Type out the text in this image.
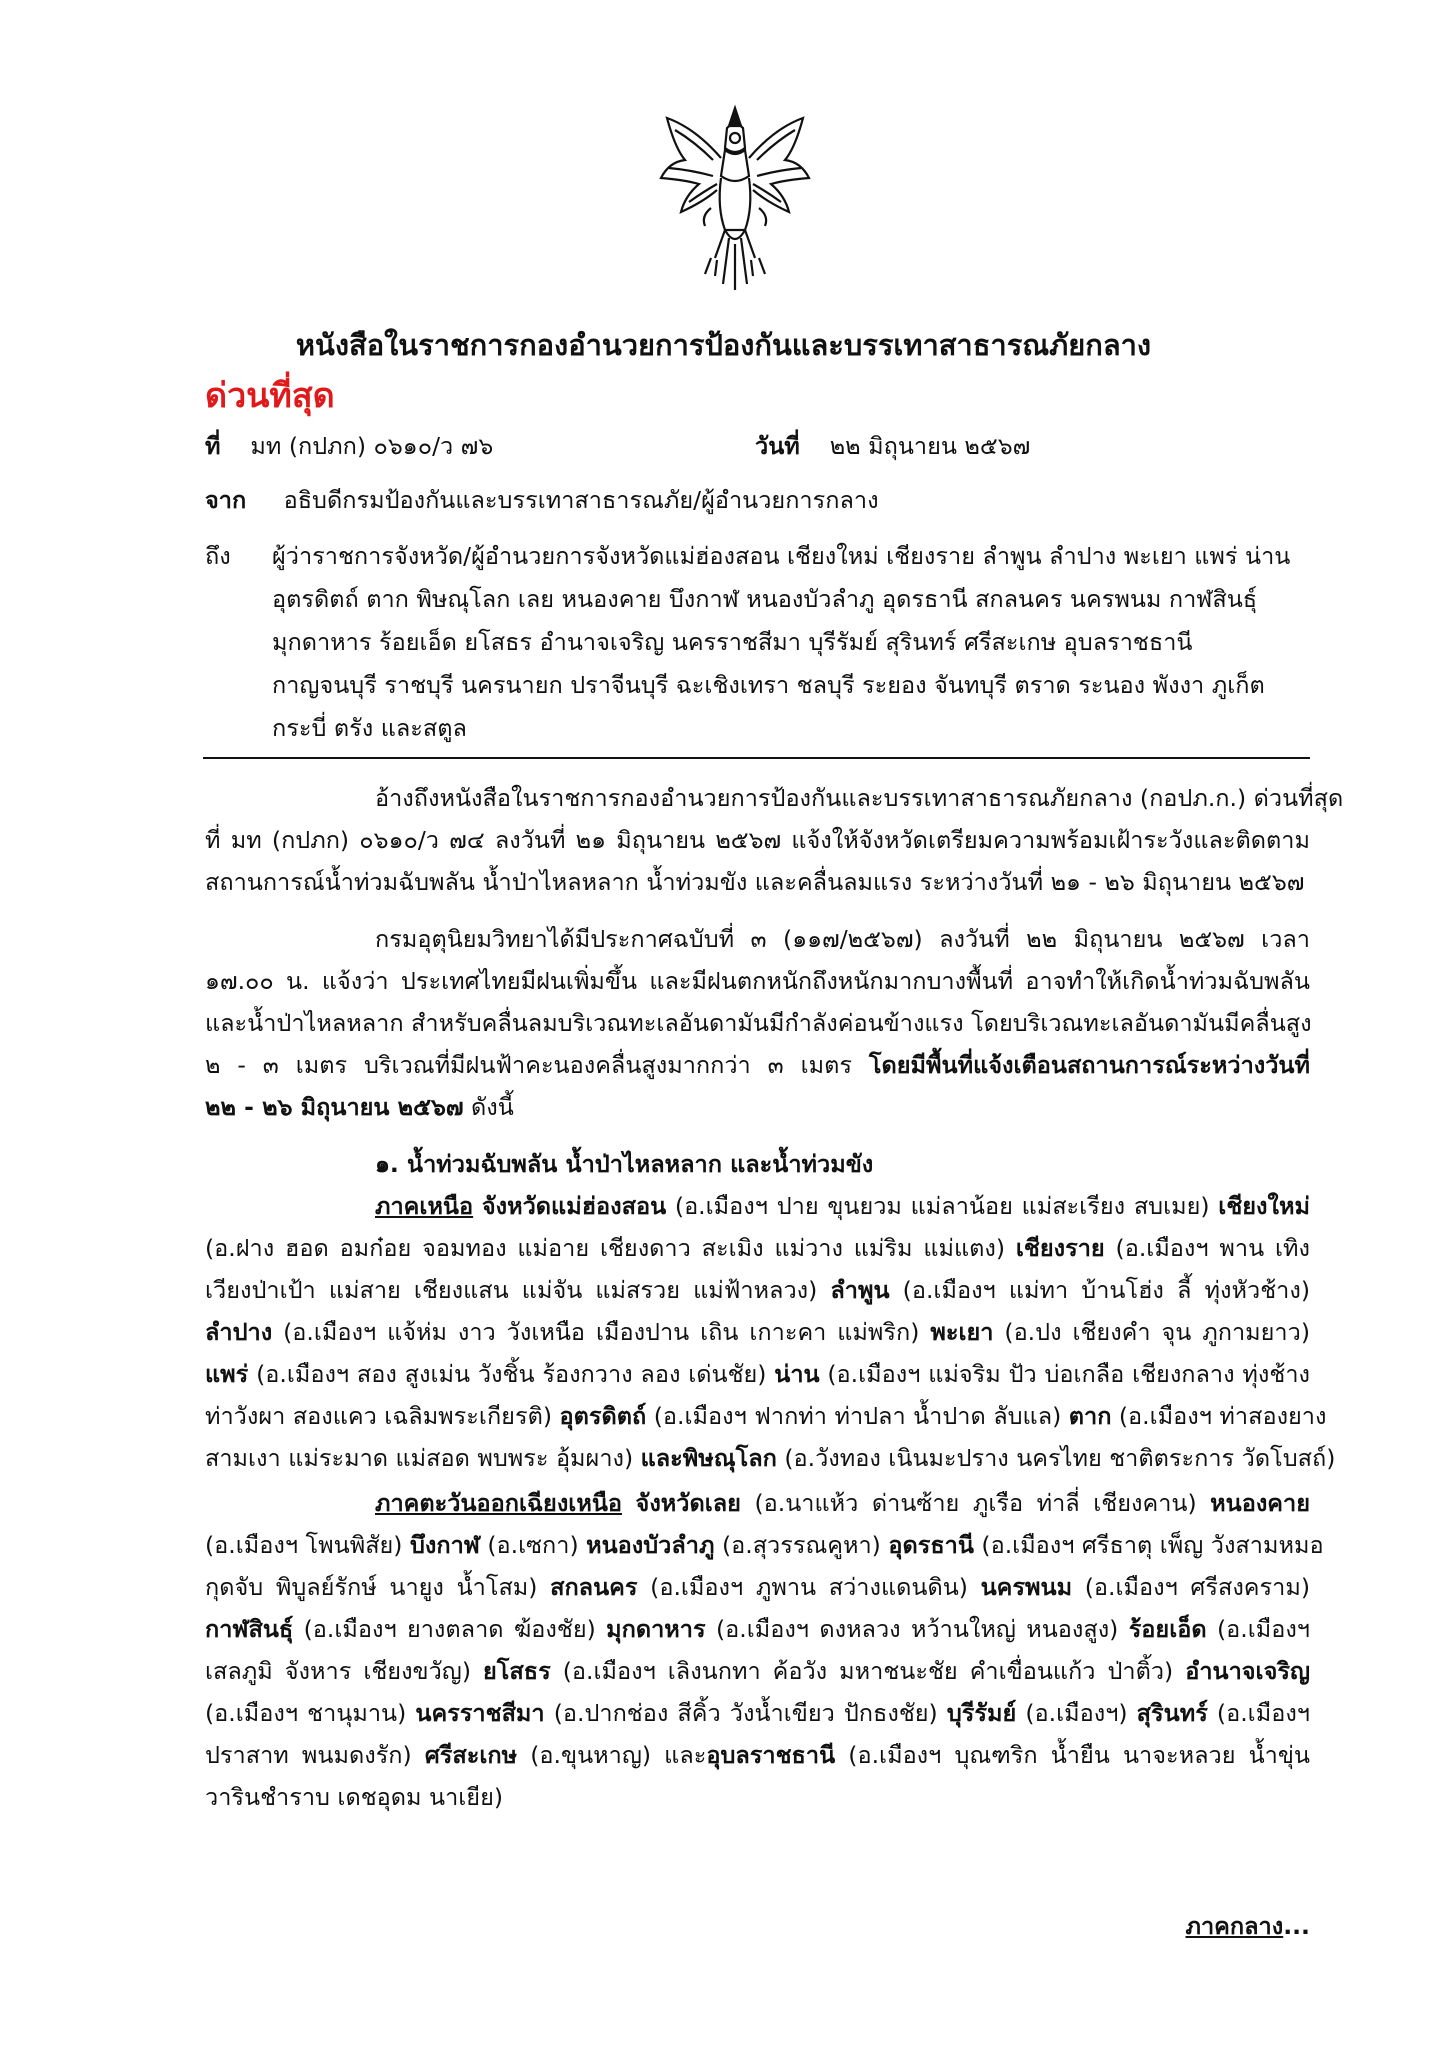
หนังสือในราชการกองอำนวยการป้องกันและบรรเทาสาธารณภัยกลาง
ด่วนที่สุด
ที่ มท (กปภก) ๐๖๑๐/ว ๗๖	วันที่ ๒๒ มิถุนายน ๒๕๖๗
จาก อธิบดีกรมป้องกันและบรรเทาสาธารณภัย/ผู้อำนวยการกลาง
ถึง ผู้ว่าราชการจังหวัด/ผู้อำนวยการจังหวัดแม่ฮ่องสอน เชียงใหม่ เชียงราย ลำพูน ลำปาง พะเยา แพร่ น่าน
อุตรดิตถ์ ตาก พิษณุโลก เลย หนองคาย บึงกาฬ หนองบัวลำภู อุดรธานี สกลนคร นครพนม กาฬสินธุ์
มุกดาหาร ร้อยเอ็ด ยโสธร อำนาจเจริญ นครราชสีมา บุรีรัมย์ สุรินทร์ ศรีสะเกษ อุบลราชธานี
กาญจนบุรี ราชบุรี นครนายก ปราจีนบุรี ฉะเชิงเทรา ชลบุรี ระยอง จันทบุรี ตราด ระนอง พังงา ภูเก็ต
กระบี่ ตรัง และสตูล
อ้างถึงหนังสือในราชการกองอำนวยการป้องกันและบรรเทาสาธารณภัยกลาง (กอปภ.ก.) ด่วนที่สุด
ที่ มท (กปภก) ๐๖๑๐/ว ๗๔ ลงวันที่ ๒๑ มิถุนายน ๒๕๖๗ แจ้งให้จังหวัดเตรียมความพร้อมเฝ้าระวังและติดตาม
สถานการณ์น้ำท่วมฉับพลัน น้ำป่าไหลหลาก น้ำท่วมขัง และคลื่นลมแรง ระหว่างวันที่ ๒๑ - ๒๖ มิถุนายน ๒๕๖๗
กรมอุตุนิยมวิทยาได้มีประกาศฉบับที่ ๓ (๑๑๗/๒๕๖๗) ลงวันที่ ๒๒ มิถุนายน ๒๕๖๗ เวลา
๑๗.๐๐ น. แจ้งว่า ประเทศไทยมีฝนเพิ่มขึ้น และมีฝนตกหนักถึงหนักมากบางพื้นที่ อาจทำให้เกิดน้ำท่วมฉับพลัน
และน้ำป่าไหลหลาก สำหรับคลื่นลมบริเวณทะเลอันดามันมีกำลังค่อนข้างแรง โดยบริเวณทะเลอันดามันมีคลื่นสูง
๒ - ๓ เมตร บริเวณที่มีฝนฟ้าคะนองคลื่นสูงมากกว่า ๓ เมตร โดยมีพื้นที่แจ้งเตือนสถานการณ์ระหว่างวันที่
๒๒ - ๒๖ มิถุนายน ๒๕๖๗ ดังนี้
๑. น้ำท่วมฉับพลัน น้ำป่าไหลหลาก และน้ำท่วมขัง
ภาคเหนือ จังหวัดแม่ฮ่องสอน (อ.เมืองฯ ปาย ขุนยวม แม่ลาน้อย แม่สะเรียง สบเมย) เชียงใหม่
(อ.ฝาง ฮอด อมก๋อย จอมทอง แม่อาย เชียงดาว สะเมิง แม่วาง แม่ริม แม่แตง) เชียงราย (อ.เมืองฯ พาน เทิง
เวียงป่าเป้า แม่สาย เชียงแสน แม่จัน แม่สรวย แม่ฟ้าหลวง) ลำพูน (อ.เมืองฯ แม่ทา บ้านโฮ่ง ลี้ ทุ่งหัวช้าง)
ลำปาง (อ.เมืองฯ แจ้ห่ม งาว วังเหนือ เมืองปาน เถิน เกาะคา แม่พริก) พะเยา (อ.ปง เชียงคำ จุน ภูกามยาว)
แพร่ (อ.เมืองฯ สอง สูงเม่น วังชิ้น ร้องกวาง ลอง เด่นชัย) น่าน (อ.เมืองฯ แม่จริม ปัว บ่อเกลือ เชียงกลาง ทุ่งช้าง
ท่าวังผา สองแคว เฉลิมพระเกียรติ) อุตรดิตถ์ (อ.เมืองฯ ฟากท่า ท่าปลา น้ำปาด ลับแล) ตาก (อ.เมืองฯ ท่าสองยาง
สามเงา แม่ระมาด แม่สอด พบพระ อุ้มผาง) และพิษณุโลก (อ.วังทอง เนินมะปราง นครไทย ชาติตระการ วัดโบสถ์)
ภาคตะวันออกเฉียงเหนือ จังหวัดเลย (อ.นาแห้ว ด่านซ้าย ภูเรือ ท่าลี่ เชียงคาน) หนองคาย
(อ.เมืองฯ โพนพิสัย) บึงกาฬ (อ.เซกา) หนองบัวลำภู (อ.สุวรรณคูหา) อุดรธานี (อ.เมืองฯ ศรีธาตุ เพ็ญ วังสามหมอ
กุดจับ พิบูลย์รักษ์ นายูง น้ำโสม) สกลนคร (อ.เมืองฯ ภูพาน สว่างแดนดิน) นครพนม (อ.เมืองฯ ศรีสงคราม)
กาฬสินธุ์ (อ.เมืองฯ ยางตลาด ฆ้องชัย) มุกดาหาร (อ.เมืองฯ ดงหลวง หว้านใหญ่ หนองสูง) ร้อยเอ็ด (อ.เมืองฯ
เสลภูมิ จังหาร เชียงขวัญ) ยโสธร (อ.เมืองฯ เลิงนกทา ค้อวัง มหาชนะชัย คำเขื่อนแก้ว ป่าติ้ว) อำนาจเจริญ
(อ.เมืองฯ ชานุมาน) นครราชสีมา (อ.ปากช่อง สีคิ้ว วังน้ำเขียว ปักธงชัย) บุรีรัมย์ (อ.เมืองฯ) สุรินทร์ (อ.เมืองฯ
ปราสาท พนมดงรัก) ศรีสะเกษ (อ.ขุนหาญ) และอุบลราชธานี (อ.เมืองฯ บุณฑริก น้ำยืน นาจะหลวย น้ำขุ่น
วารินชำราบ เดชอุดม นาเยีย)
ภาคกลาง...
